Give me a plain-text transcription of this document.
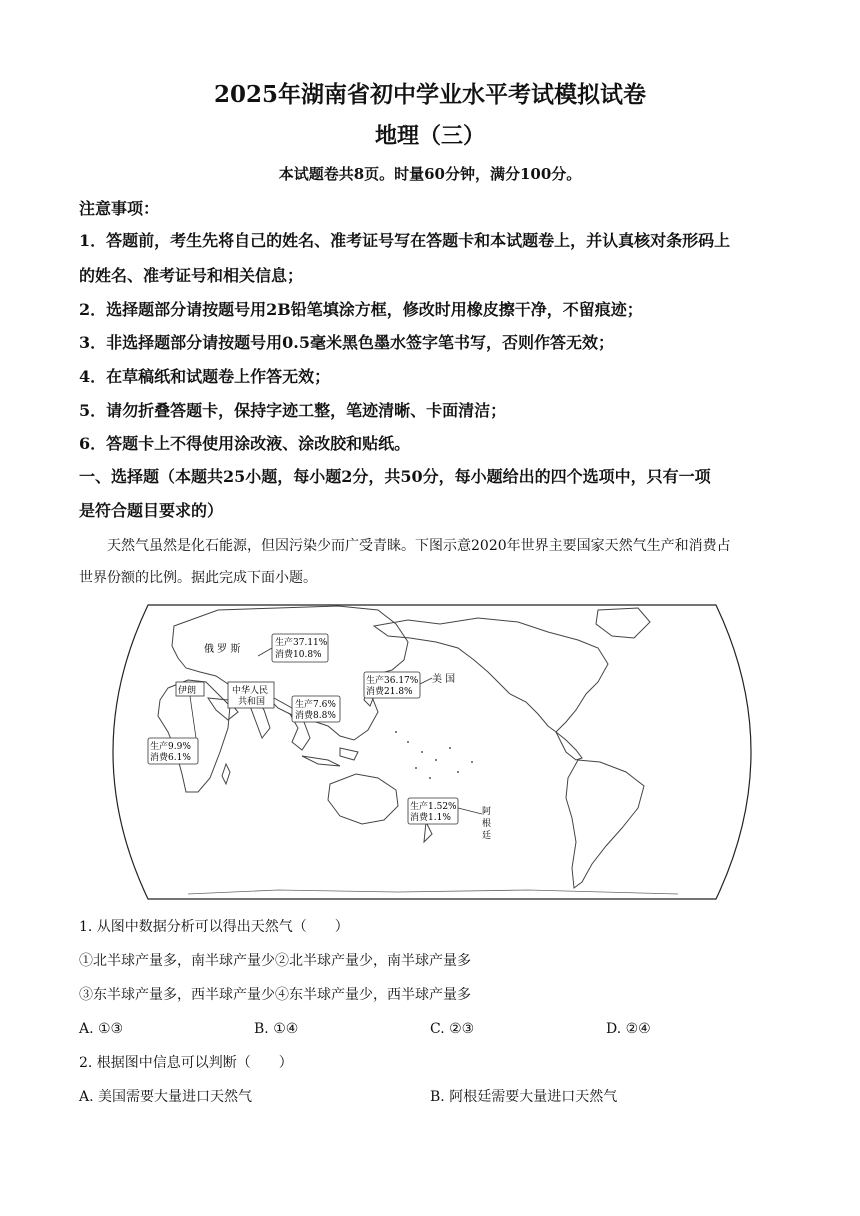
2025年湖南省初中学业水平考试模拟试卷
地理（三）
本试题卷共8页。时量60分钟，满分100分。
注意事项：
1．答题前，考生先将自己的姓名、准考证号写在答题卡和本试题卷上，并认真核对条形码上
的姓名、准考证号和相关信息；
2．选择题部分请按题号用2B铅笔填涂方框，修改时用橡皮擦干净，不留痕迹；
3．非选择题部分请按题号用0.5毫米黑色墨水签字笔书写，否则作答无效；
4．在草稿纸和试题卷上作答无效；
5．请勿折叠答题卡，保持字迹工整，笔迹清晰、卡面清洁；
6．答题卡上不得使用涂改液、涂改胶和贴纸。
一、选择题（本题共25小题，每小题2分，共50分，每小题给出的四个选项中，只有一项
是符合题目要求的）
天然气虽然是化石能源，但因污染少而广受青睐。下图示意2020年世界主要国家天然气生产和消费占
世界份额的比例。据此完成下面小题。
俄 罗 斯
生产37.11%
消费10.8%
伊朗
生产9.9%
消费6.1%
中华人民
共和国	生产7.6%
消费8.8%
生产36.17%
消费21.8%
美 国
生产1.52%
消费1.1%
阿
根
廷
1. 从图中数据分析可以得出天然气（　　）
①北半球产量多，南半球产量少②北半球产量少，南半球产量多
③东半球产量多，西半球产量少④东半球产量少，西半球产量多
A. ①③	B. ①④	C. ②③	D. ②④
2. 根据图中信息可以判断（　　）
A. 美国需要大量进口天然气	B. 阿根廷需要大量进口天然气
